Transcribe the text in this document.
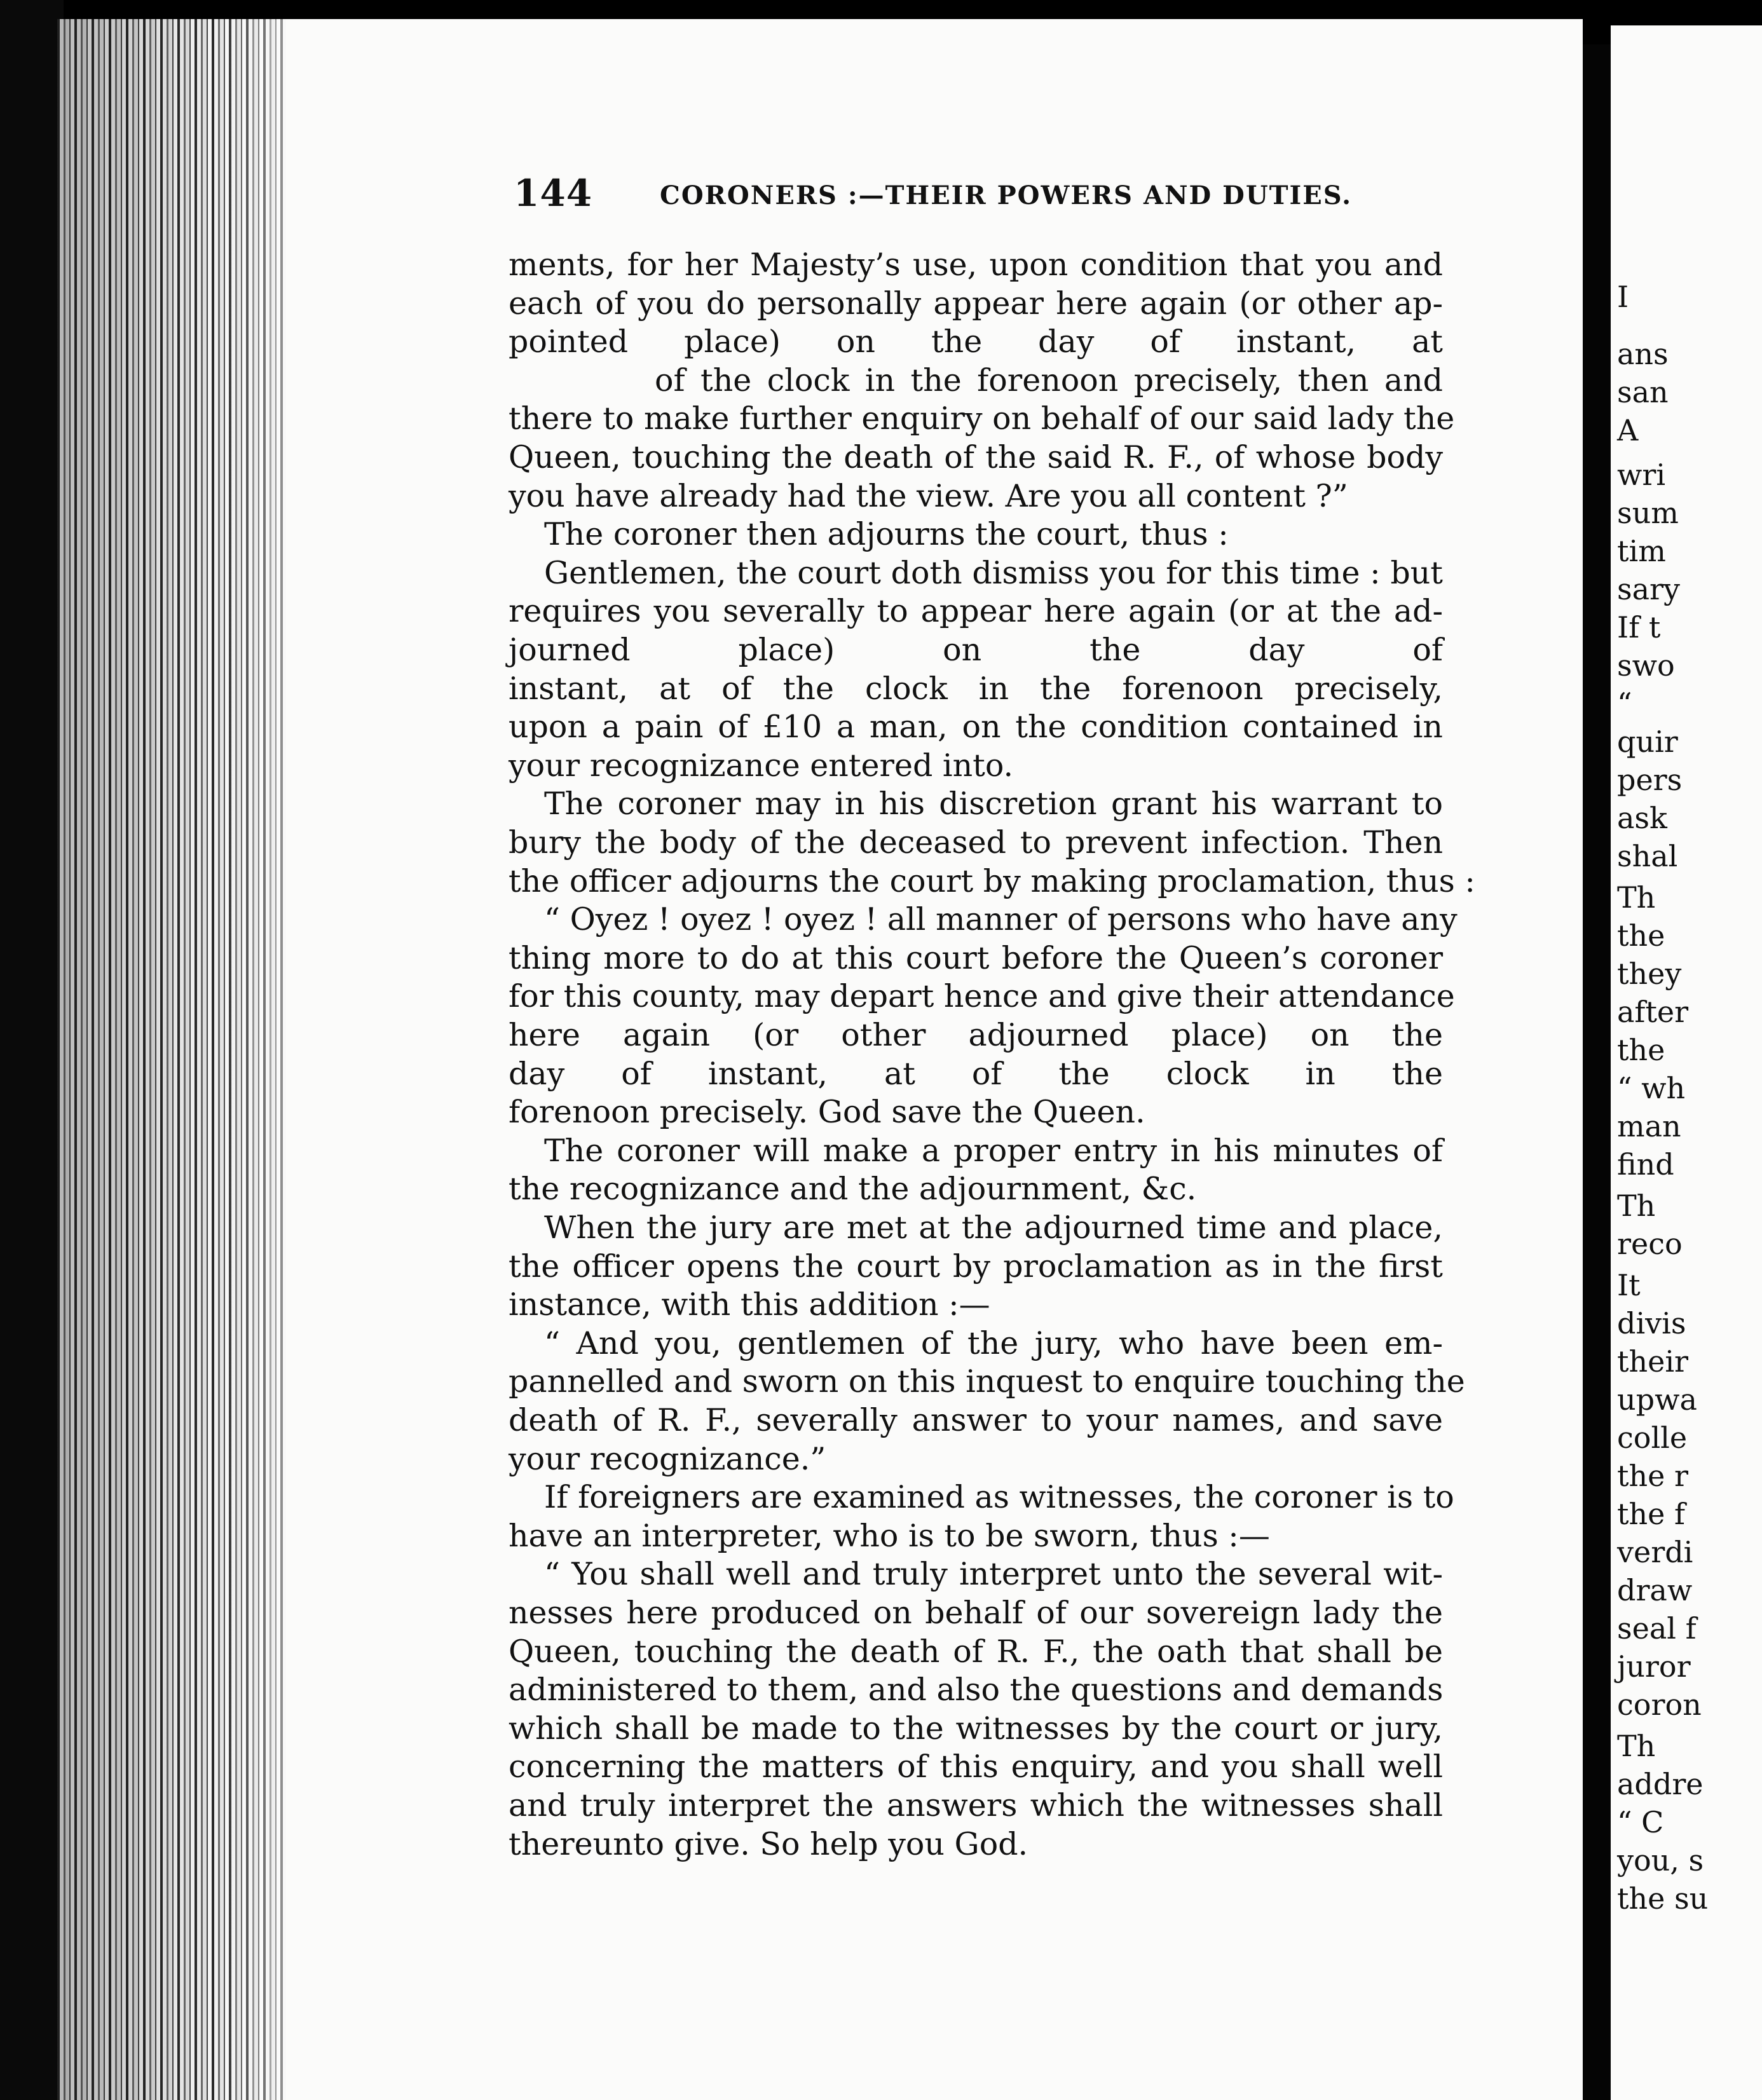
144	CORONERS :—THEIR POWERS AND DUTIES.
ments, for her Majesty’s use, upon condition that you and
each of you do personally appear here again (or other ap-
pointed place) on the day of instant, at
of the clock in the forenoon precisely, then and
there to make further enquiry on behalf of our said lady the
Queen, touching the death of the said R. F., of whose body
you have already had the view. Are you all content ?”
The coroner then adjourns the court, thus :
Gentlemen, the court doth dismiss you for this time : but
requires you severally to appear here again (or at the ad-
journed place) on the day of
instant, at of the clock in the forenoon precisely,
upon a pain of £10 a man, on the condition contained in
your recognizance entered into.
The coroner may in his discretion grant his warrant to
bury the body of the deceased to prevent infection. Then
the officer adjourns the court by making proclamation, thus :
“ Oyez ! oyez ! oyez ! all manner of persons who have any
thing more to do at this court before the Queen’s coroner
for this county, may depart hence and give their attendance
here again (or other adjourned place) on the
day of instant, at of the clock in the
forenoon precisely. God save the Queen.
The coroner will make a proper entry in his minutes of
the recognizance and the adjournment, &c.
When the jury are met at the adjourned time and place,
the officer opens the court by proclamation as in the first
instance, with this addition :—
“ And you, gentlemen of the jury, who have been em-
pannelled and sworn on this inquest to enquire touching the
death of R. F., severally answer to your names, and save
your recognizance.”
If foreigners are examined as witnesses, the coroner is to
have an interpreter, who is to be sworn, thus :—
“ You shall well and truly interpret unto the several wit-
nesses here produced on behalf of our sovereign lady the
Queen, touching the death of R. F., the oath that shall be
administered to them, and also the questions and demands
which shall be made to the witnesses by the court or jury,
concerning the matters of this enquiry, and you shall well
and truly interpret the answers which the witnesses shall
thereunto give. So help you God.
I
ans
san
A
wri
sum
tim
sary
If t
swo
“
quir
pers
ask
shal
Th
the
they
after
the
“ wh
man
find
Th
reco
It
divis
their
upwa
colle
the r
the f
verdi
draw
seal f
juror
coron
Th
addre
“ C
you, s
the su
